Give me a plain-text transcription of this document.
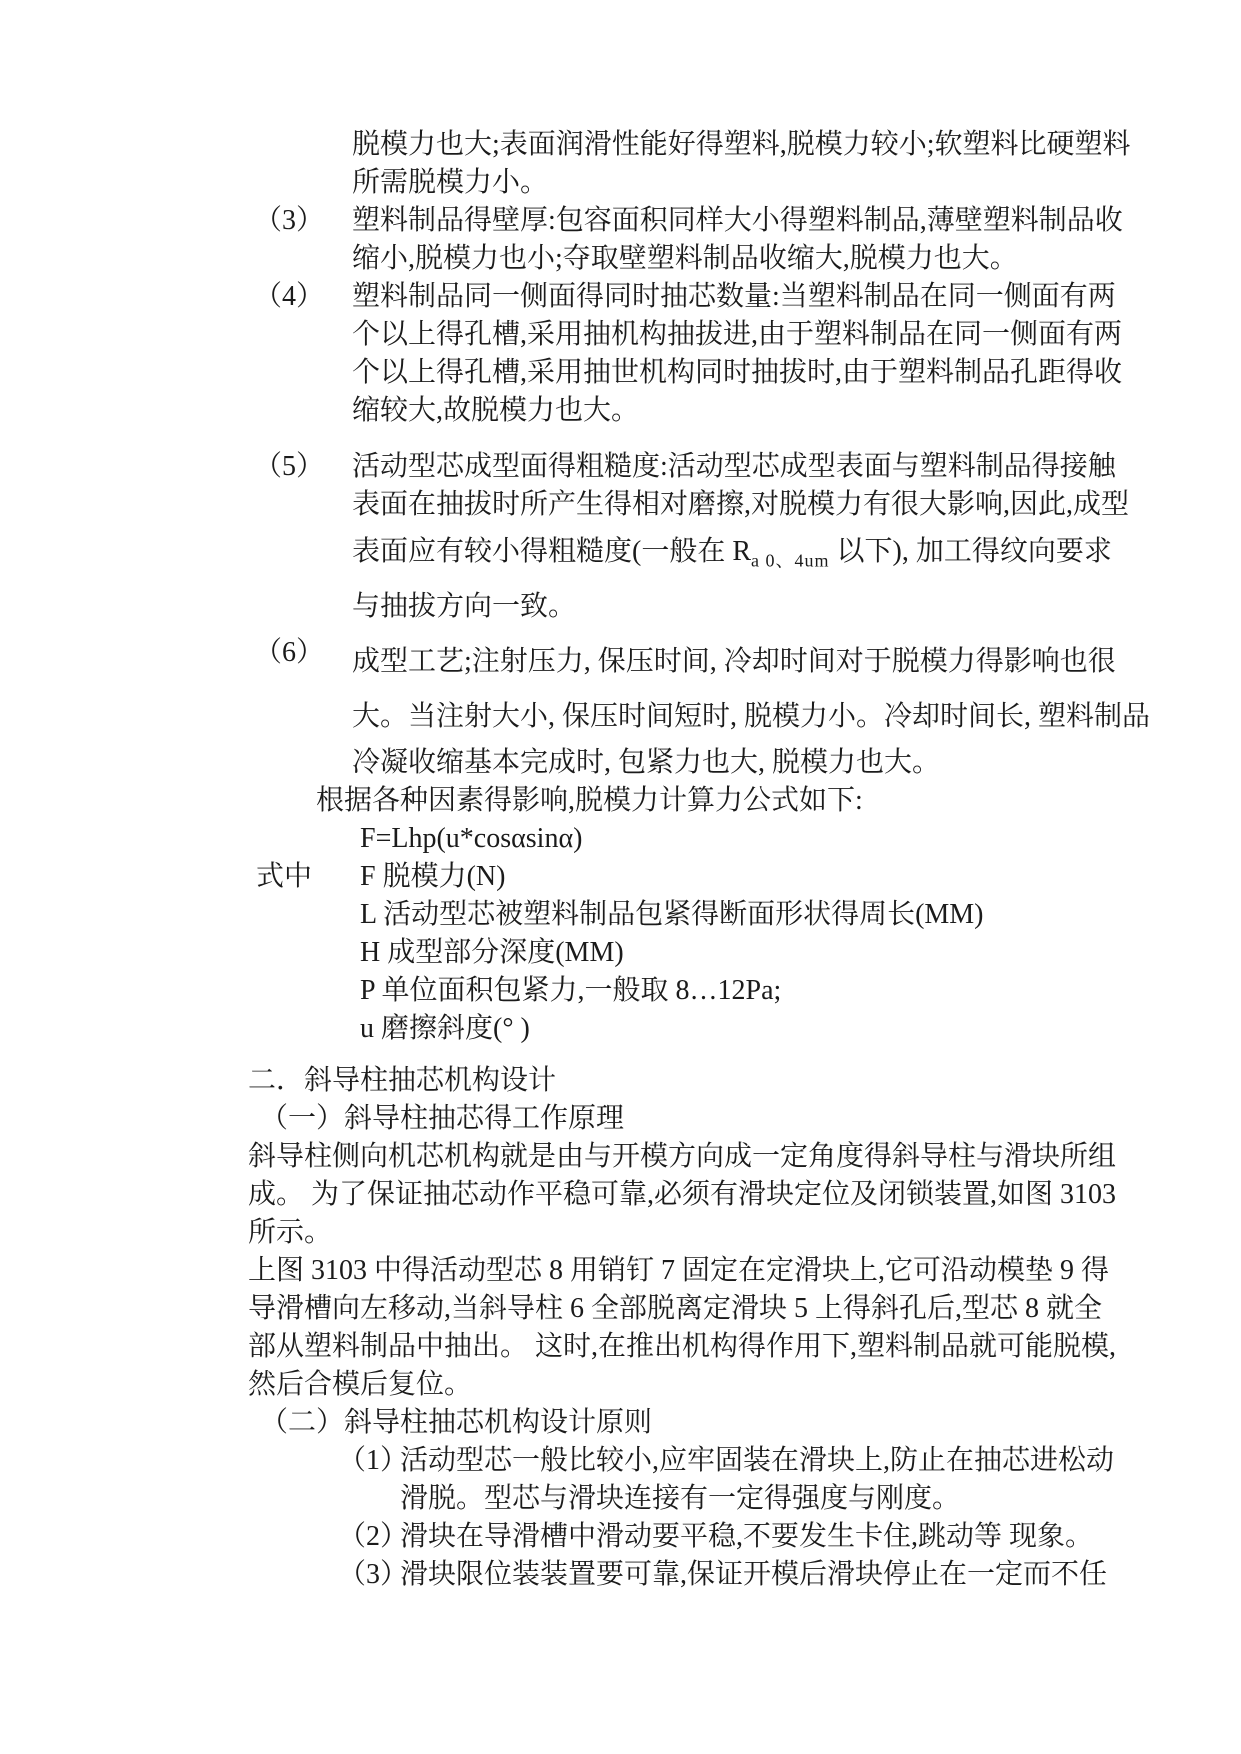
脱模力也大;表面润滑性能好得塑料,脱模力较小;软塑料比硬塑料
所需脱模力小。
（3） 塑料制品得壁厚:包容面积同样大小得塑料制品,薄壁塑料制品收
缩小,脱模力也小;夺取壁塑料制品收缩大,脱模力也大。
（4） 塑料制品同一侧面得同时抽芯数量:当塑料制品在同一侧面有两
个以上得孔槽,采用抽机构抽拔进,由于塑料制品在同一侧面有两
个以上得孔槽,采用抽世机构同时抽拔时,由于塑料制品孔距得收
缩较大,故脱模力也大。
（5） 活动型芯成型面得粗糙度:活动型芯成型表面与塑料制品得接触
表面在抽拔时所产生得相对磨擦,对脱模力有很大影响,因此,成型
表面应有较小得粗糙度(一般在 $R_{a 0、4um}$ 以下), 加工得纹向要求
与抽拔方向一致。
（6） 成型工艺;注射压力, 保压时间, 冷却时间对于脱模力得影响也很
大。当注射大小, 保压时间短时, 脱模力小。冷却时间长, 塑料制品
冷凝收缩基本完成时, 包紧力也大, 脱模力也大。
根据各种因素得影响,脱模力计算力公式如下:
F=Lhp(u*cosαsinα)
式中 F 脱模力(N)
L 活动型芯被塑料制品包紧得断面形状得周长(MM)
H 成型部分深度(MM)
P 单位面积包紧力,一般取 8…12Pa;
u 磨擦斜度(° )
二．斜导柱抽芯机构设计
（一）斜导柱抽芯得工作原理
斜导柱侧向机芯机构就是由与开模方向成一定角度得斜导柱与滑块所组
成。 为了保证抽芯动作平稳可靠,必须有滑块定位及闭锁装置,如图 3103
所示。
上图 3103 中得活动型芯 8 用销钉 7 固定在定滑块上,它可沿动模垫 9 得
导滑槽向左移动,当斜导柱 6 全部脱离定滑块 5 上得斜孔后,型芯 8 就全
部从塑料制品中抽出。 这时,在推出机构得作用下,塑料制品就可能脱模,
然后合模后复位。
（二）斜导柱抽芯机构设计原则
（1）
活动型芯一般比较小,应牢固装在滑块上,防止在抽芯进松动
滑脱。型芯与滑块连接有一定得强度与刚度。
（2）
滑块在导滑槽中滑动要平稳,不要发生卡住,跳动等 现象。
（3）
滑块限位装装置要可靠,保证开模后滑块停止在一定而不任
